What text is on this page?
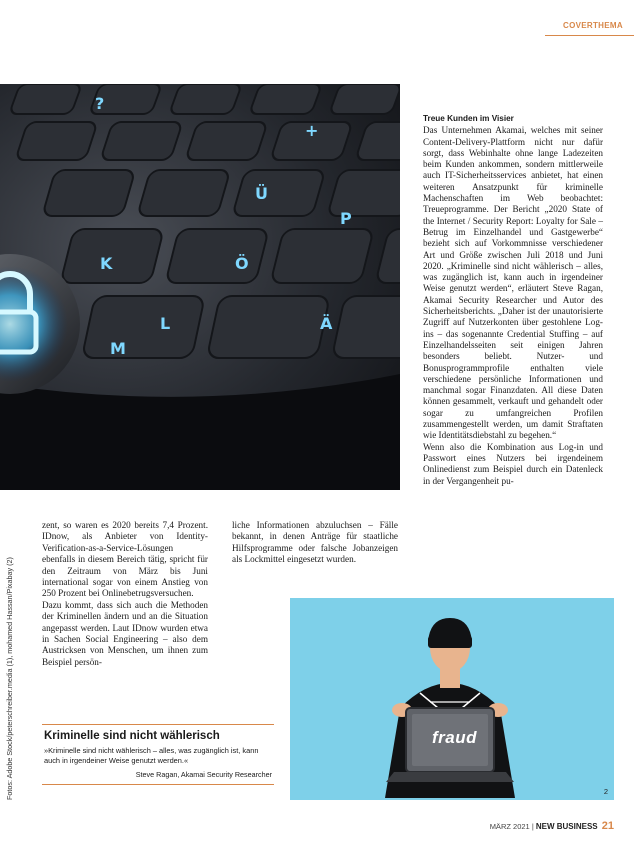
COVERTHEMA
?
+
Ü
Ö
L	Ä
K
M
P
Fotos: Adobe Stock/peterschreiber.media (1), mohamed Hassan/Pixabay (2)
Treue Kunden im Visier

Das Unternehmen Akamai, welches mit seiner Content-Delivery-Plattform nicht nur dafür sorgt, dass Webinhalte ohne lange Ladezeiten beim Kunden ankommen, sondern mittlerweile auch IT-Sicherheitsservices anbietet, hat einen weiteren Ansatzpunkt für kriminelle Machenschaften im Web beobachtet: Treueprogramme. Der Bericht „2020 State of the Internet / Security Report: Loyalty for Sale – Betrug im Einzelhandel und Gastgewerbe“ bezieht sich auf Vorkommnisse verschiedener Art und Größe zwischen Juli 2018 und Juni 2020. „Kriminelle sind nicht wählerisch – alles, was zugänglich ist, kann auch in irgendeiner Weise genutzt werden“, erläutert Steve Ragan, Akamai Security Researcher und Autor des Sicherheitsberichts. „Daher ist der unautorisierte Zugriff auf Nutzerkonten über gestohlene Log-ins – das sogenannte Credential Stuffing – auf Einzelhandelsseiten seit einigen Jahren besonders beliebt. Nutzer- und Bonusprogrammprofile enthalten viele verschiedene persönliche Informationen und manchmal sogar Finanzdaten. All diese Daten können gesammelt, verkauft und gehandelt oder sogar zu umfangreichen Profilen zusammengestellt werden, um damit Straftaten wie Identitätsdiebstahl zu begehen.“

Wenn also die Kombination aus Log-in und Passwort eines Nutzers bei irgendeinem Onlinedienst zum Beispiel durch ein Datenleck in der Vergangenheit pu-

zent, so waren es 2020 bereits 7,4 Prozent. IDnow, als Anbieter von Identity-Verification-as-a-Service-Lösungen ebenfalls in diesem Bereich tätig, spricht für den Zeitraum von März bis Juni international sogar von einem Anstieg von 250 Prozent bei Onlinebetrugsversuchen.

Dazu kommt, dass sich auch die Methoden der Kriminellen ändern und an die Situation angepasst werden. Laut IDnow wurden etwa in Sachen Social Engineering – also dem Austricksen von Menschen, um ihnen zum Beispiel persön-

liche Informationen abzuluchsen – Fälle bekannt, in denen Anträge für staatliche Hilfsprogramme oder falsche Jobanzeigen als Lockmittel eingesetzt wurden.

Kriminelle sind nicht wählerisch
»Kriminelle sind nicht wählerisch – alles, was zugänglich ist, kann auch in irgendeiner Weise genutzt werden.«
Steve Ragan, Akamai Security Researcher
fraud
2
MÄRZ 2021 | NEW BUSINESS 21
